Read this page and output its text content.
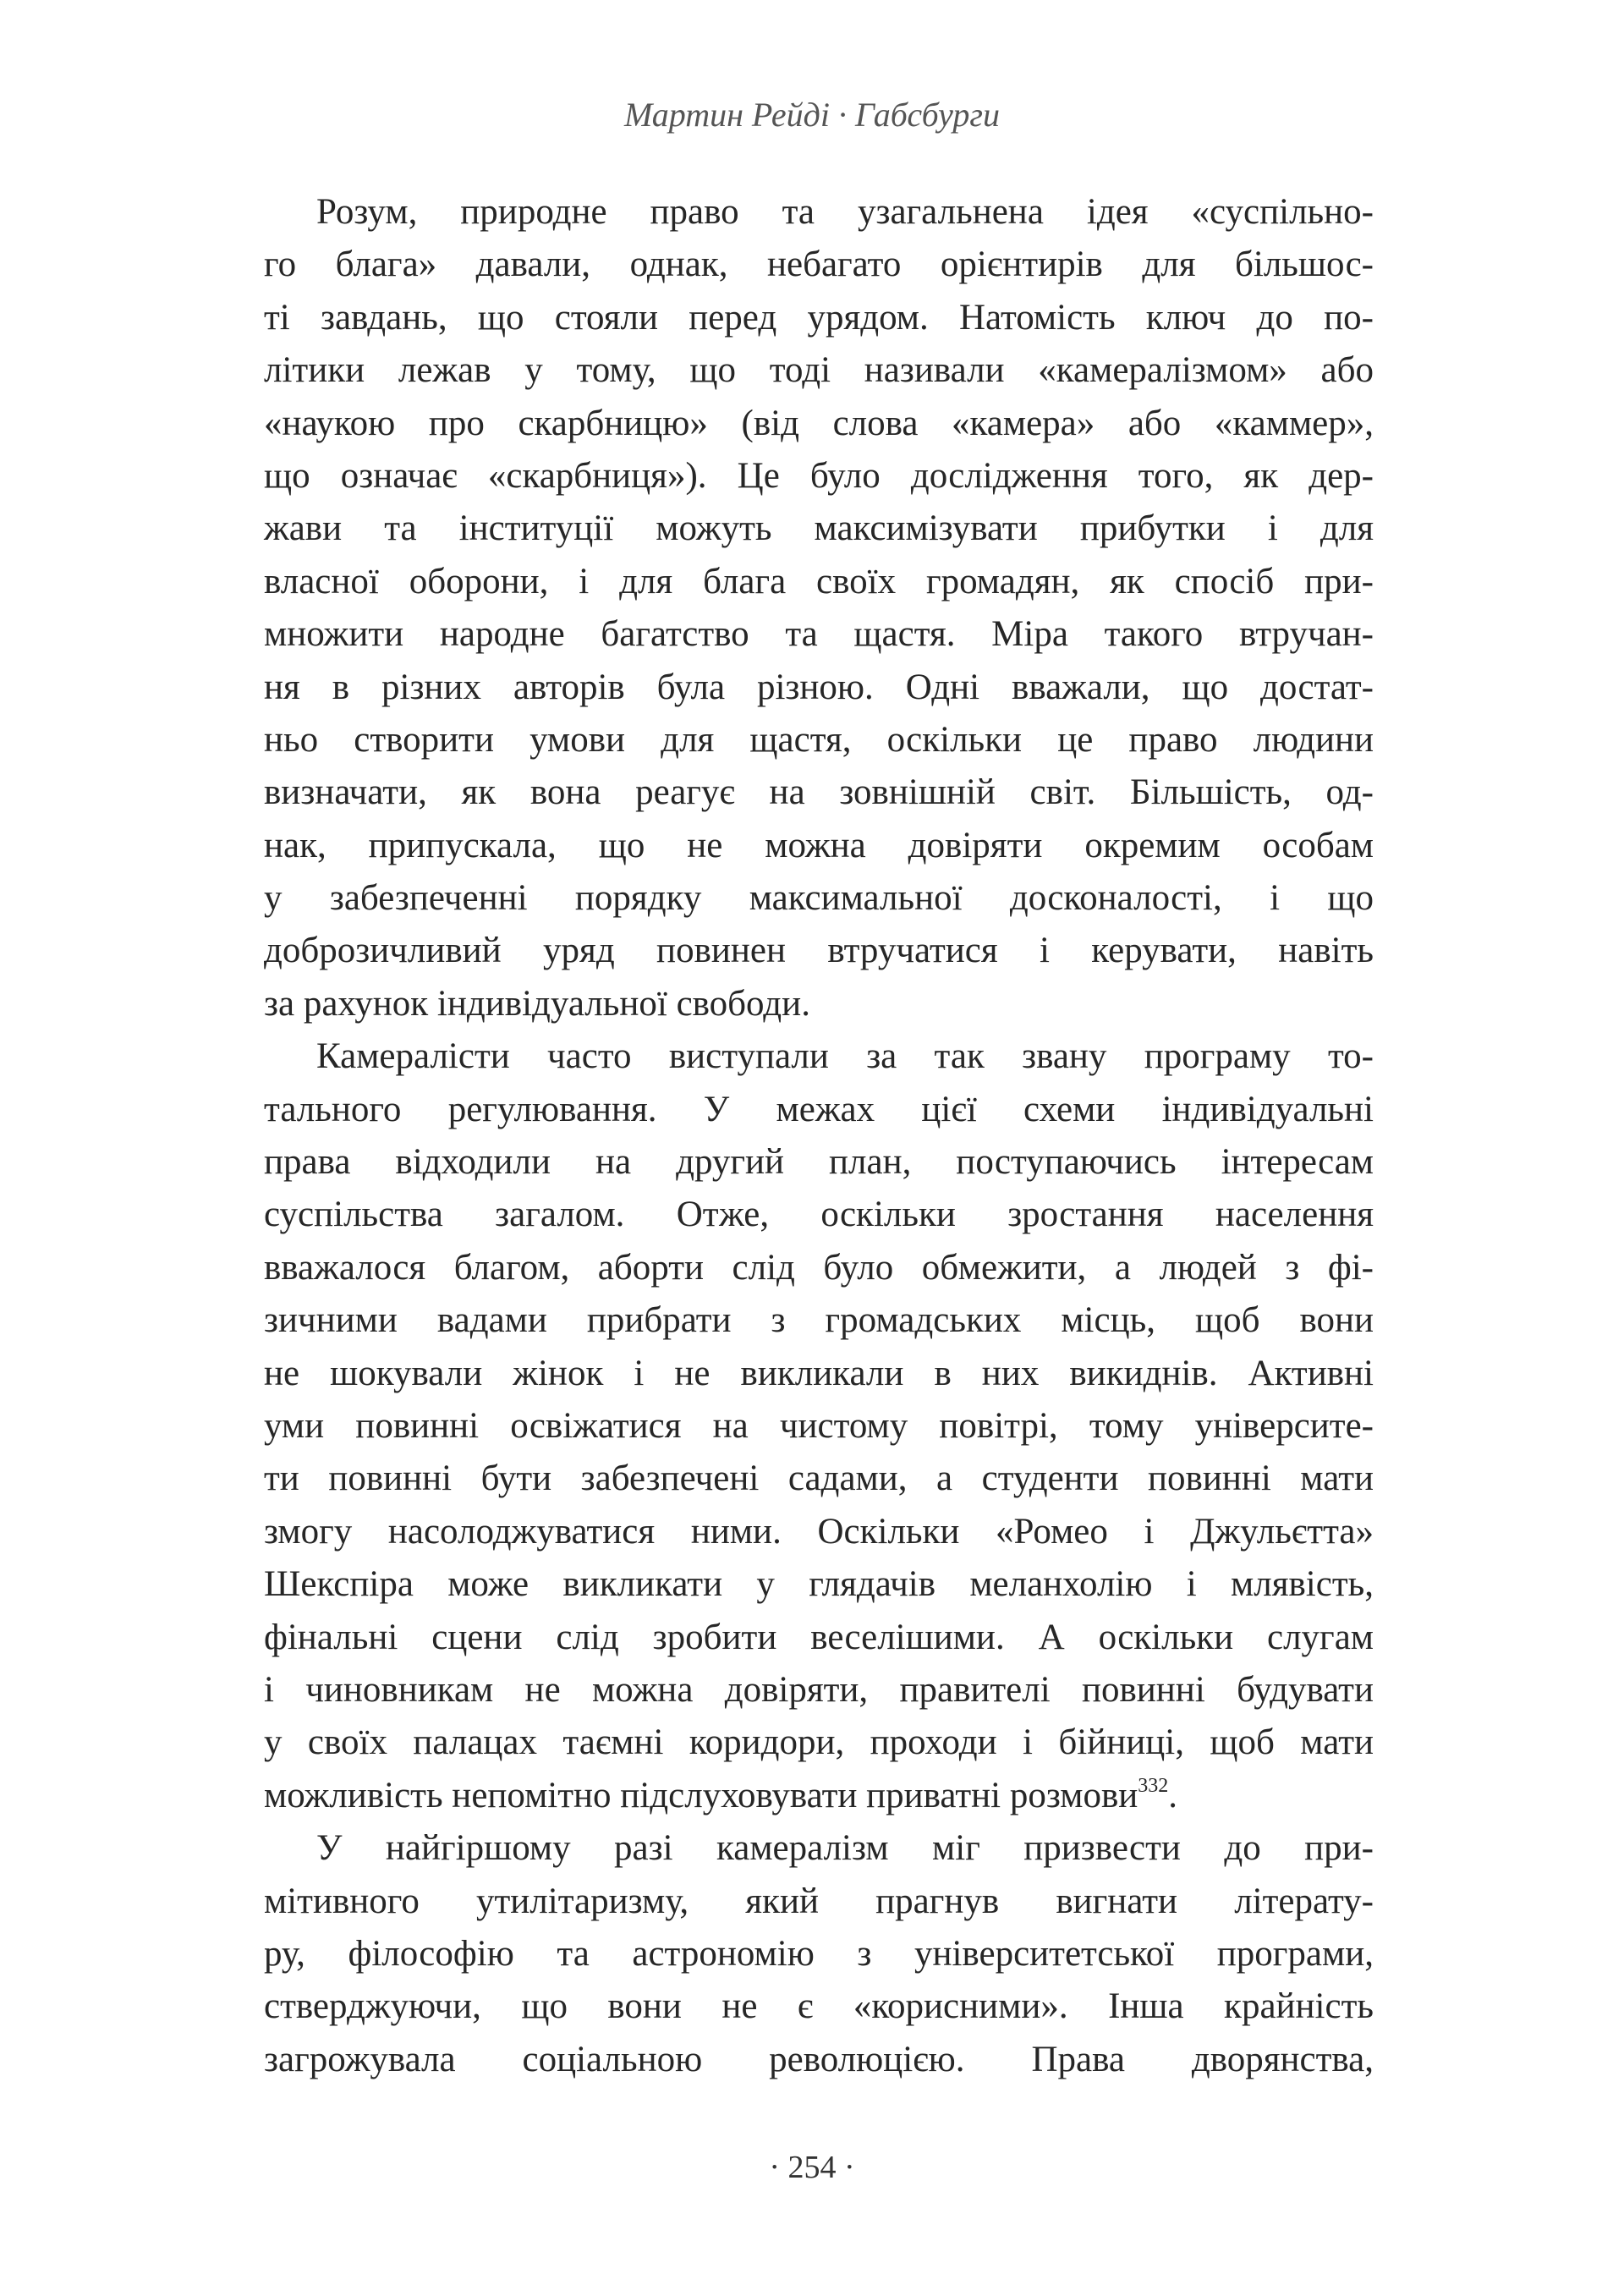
Мартин Рейді · Габсбурги
Розум, природне право та узагальнена ідея «суспільно-
го блага» давали, однак, небагато орієнтирів для більшос-
ті завдань, що стояли перед урядом. Натомість ключ до по-
літики лежав у тому, що тоді називали «камералізмом» або
«наукою про скарбницю» (від слова «камера» або «каммер»,
що означає «скарбниця»). Це було дослідження того, як дер-
жави та інституції можуть максимізувати прибутки і для
власної оборони, і для блага своїх громадян, як спосіб при-
множити народне багатство та щастя. Міра такого втручан-
ня в різних авторів була різною. Одні вважали, що достат-
ньо створити умови для щастя, оскільки це право людини
визначати, як вона реагує на зовнішній світ. Більшість, од-
нак, припускала, що не можна довіряти окремим особам
у забезпеченні порядку максимальної досконалості, і що
доброзичливий уряд повинен втручатися і керувати, навіть
за рахунок індивідуальної свободи.
Камералісти часто виступали за так звану програму то-
тального регулювання. У межах цієї схеми індивідуальні
права відходили на другий план, поступаючись інтересам
суспільства загалом. Отже, оскільки зростання населення
вважалося благом, аборти слід було обмежити, а людей з фі-
зичними вадами прибрати з громадських місць, щоб вони
не шокували жінок і не викликали в них викиднів. Активні
уми повинні освіжатися на чистому повітрі, тому університе-
ти повинні бути забезпечені садами, а студенти повинні мати
змогу насолоджуватися ними. Оскільки «Ромео і Джульєтта»
Шекспіра може викликати у глядачів меланхолію і млявість,
фінальні сцени слід зробити веселішими. А оскільки слугам
і чиновникам не можна довіряти, правителі повинні будувати
у своїх палацах таємні коридори, проходи і бійниці, щоб мати
можливість непомітно підслуховувати приватні розмови$^{332}$.
У найгіршому разі камералізм міг призвести до при-
мітивного утилітаризму, який прагнув вигнати літерату-
ру, філософію та астрономію з університетської програми,
стверджуючи, що вони не є «корисними». Інша крайність
загрожувала соціальною революцією. Права дворянства,
· 254 ·
